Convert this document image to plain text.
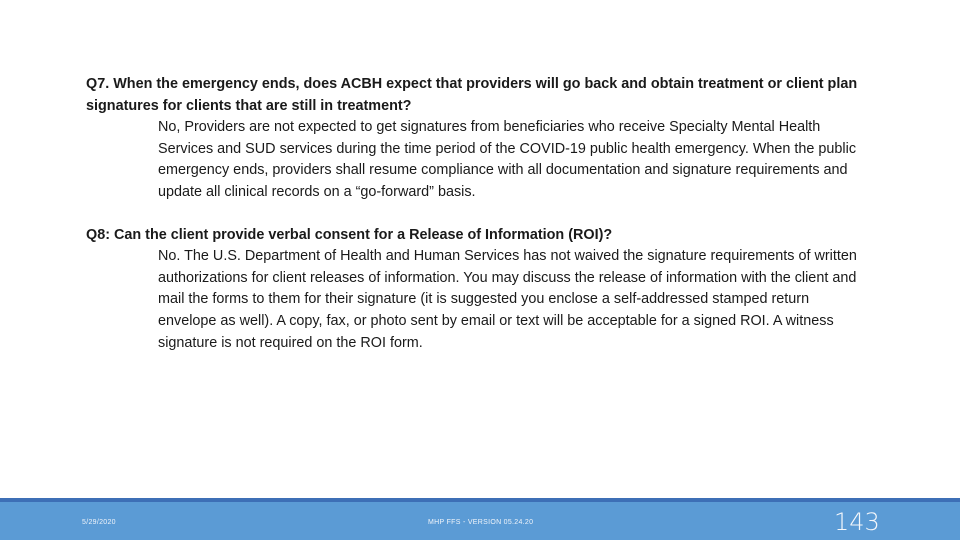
Q7. When the emergency ends, does ACBH expect that providers will go back and obtain treatment or client plan signatures for clients that are still in treatment?

No, Providers are not expected to get signatures from beneficiaries who receive Specialty Mental Health Services and SUD services during the time period of the COVID-19 public health emergency. When the public emergency ends, providers shall resume compliance with all documentation and signature requirements and update all clinical records on a “go-forward” basis.

Q8: Can the client provide verbal consent for a Release of Information (ROI)?

No. The U.S. Department of Health and Human Services has not waived the signature requirements of written authorizations for client releases of information. You may discuss the release of information with the client and mail the forms to them for their signature (it is suggested you enclose a self-addressed stamped return envelope as well). A copy, fax, or photo sent by email or text will be acceptable for a signed ROI. A witness signature is not required on the ROI form.

5/29/2020	MHP FFS - VERSION 05.24.20	143
